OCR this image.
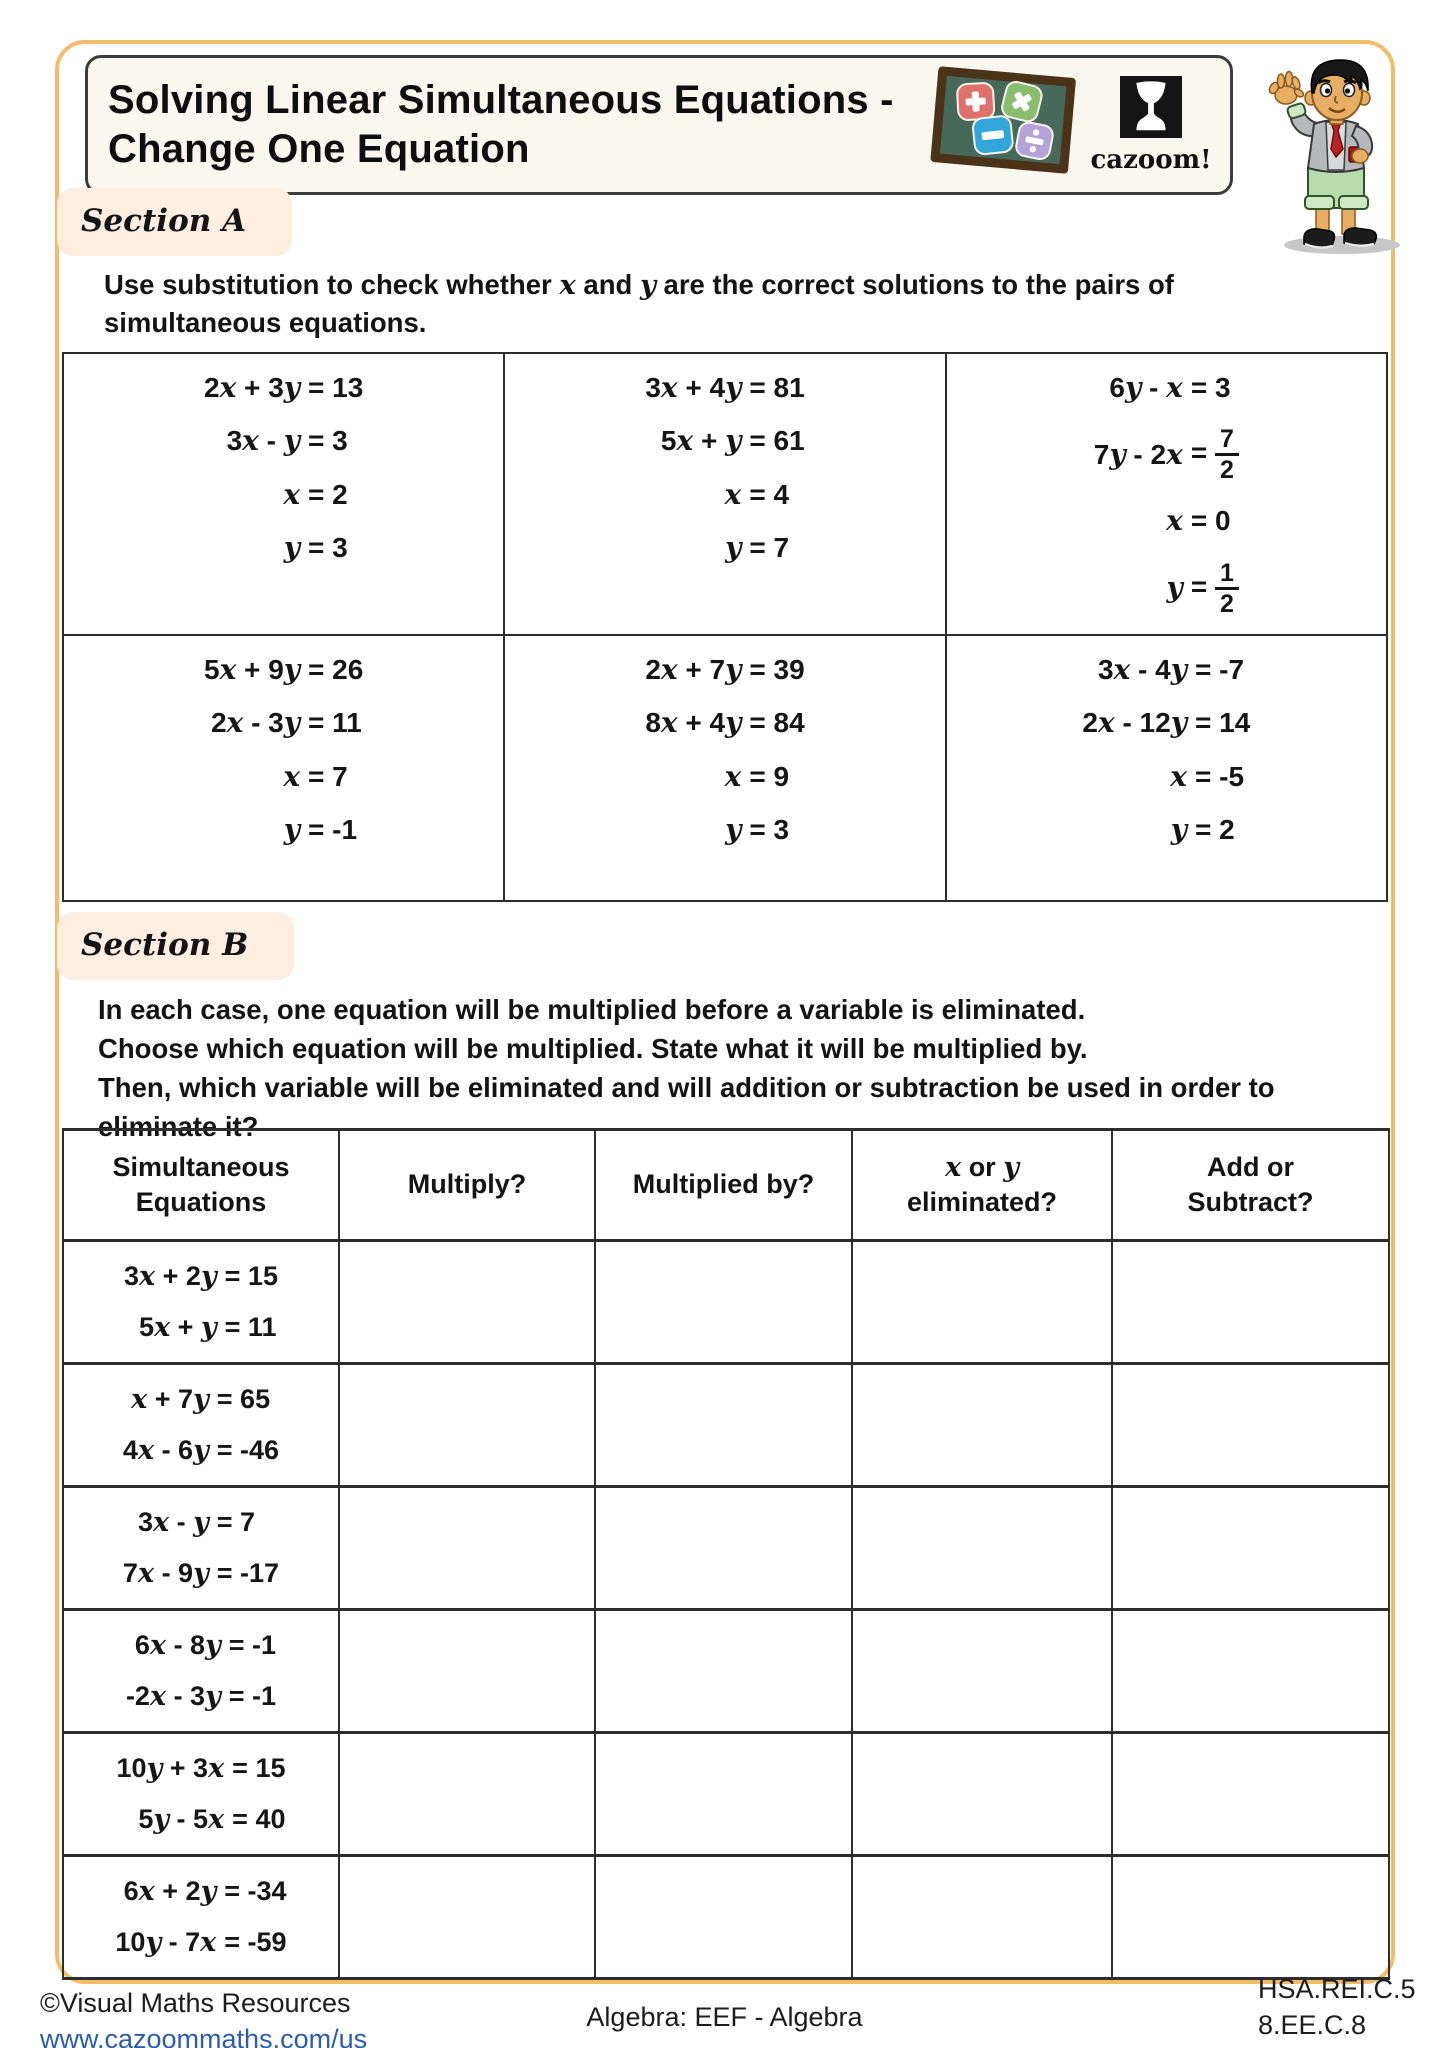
Solving Linear Simultaneous Equations -
Change One Equation	cazoom!
Section A
Use substitution to check whether x and y are the correct solutions to the pairs of simultaneous equations.
2x + 3y = 13
3x - y = 3
x = 2
y = 3

3x + 4y = 81
5x + y = 61
x = 4
y = 7

6y - x = 3
$7y - 2x = \frac{7}{2}$
x = 0
$y = \frac{1}{2}$

5x + 9y = 26
2x - 3y = 11
x = 7
y = -1

2x + 7y = 39
8x + 4y = 84
x = 9
y = 3

3x - 4y = -7
2x - 12y = 14
x = -5
y = 2
Section B
In each case, one equation will be multiplied before a variable is eliminated.
Choose which equation will be multiplied. State what it will be multiplied by.
Then, which variable will be eliminated and will addition or subtraction be used in order to eliminate it?
Simultaneous Equations	Multiply?	Multiplied by?	x or y eliminated?	Add or Subtract?

3x + 2y = 15
5x + y = 11				

x + 7y = 65
4x - 6y = -46				

3x - y = 7
7x - 9y = -17				

6x - 8y = -1
-2x - 3y = -1				

10y + 3x = 15
5y - 5x = 40				

6x + 2y = -34
10y - 7x = -59				

©Visual Maths Resources
www.cazoommaths.com/us
Algebra: EEF - Algebra
HSA.REI.C.5
8.EE.C.8
